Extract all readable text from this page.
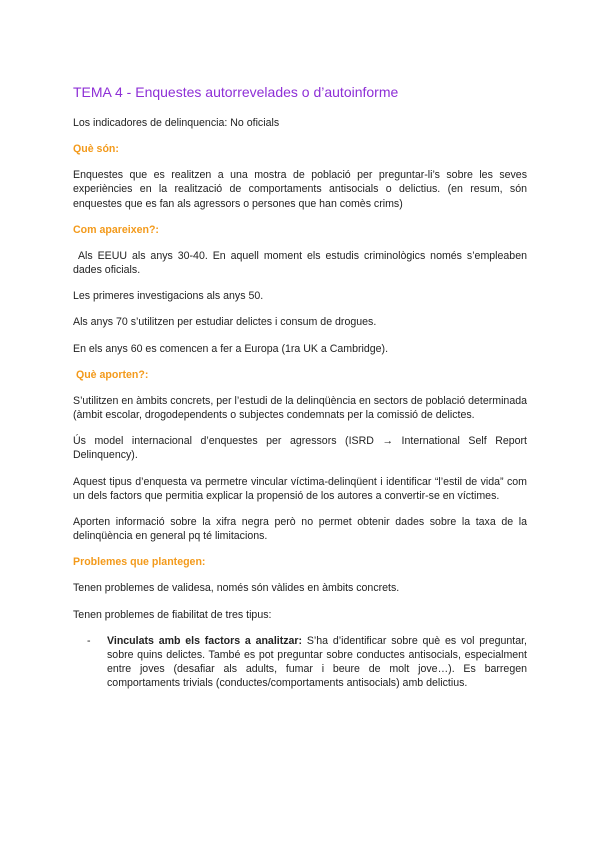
TEMA 4 - Enquestes autorrevelades o d’autoinforme
Los indicadores de delinquencia: No oficials
Què són:
Enquestes que es realitzen a una mostra de població per preguntar-li’s sobre les seves experiències en la realització de comportaments antisocials o delictius. (en resum, són enquestes que es fan als agressors o persones que han comès crims)
Com apareixen?:
Als EEUU als anys 30-40. En aquell moment els estudis criminològics només s’empleaben dades oficials.
Les primeres investigacions als anys 50.
Als anys 70 s’utilitzen per estudiar delictes i consum de drogues.
En els anys 60 es comencen a fer a Europa (1ra UK a Cambridge).
Què aporten?:
S’utilitzen en àmbits concrets, per l’estudi de la delinqüència en sectors de població determinada (àmbit escolar, drogodependents o subjectes condemnats per la comissió de delictes.
Ús model internacional d’enquestes per agressors (ISRD → International Self Report Delinquency).
Aquest tipus d’enquesta va permetre vincular víctima-delinqüent i identificar “l’estil de vida” com un dels factors que permitia explicar la propensió de los autores a convertir-se en víctimes.
Aporten informació sobre la xifra negra però no permet obtenir dades sobre la taxa de la delinqüència en general pq té limitacions.
Problemes que plantegen:
Tenen problemes de validesa, només són vàlides en àmbits concrets.
Tenen problemes de fiabilitat de tres tipus:
-	Vinculats amb els factors a analitzar: S’ha d’identificar sobre què es vol preguntar, sobre quins delictes. També es pot preguntar sobre conductes antisocials, especialment entre joves (desafiar als adults, fumar i beure de molt jove…). Es barregen comportaments trivials (conductes/comportaments antisocials) amb delictius.
